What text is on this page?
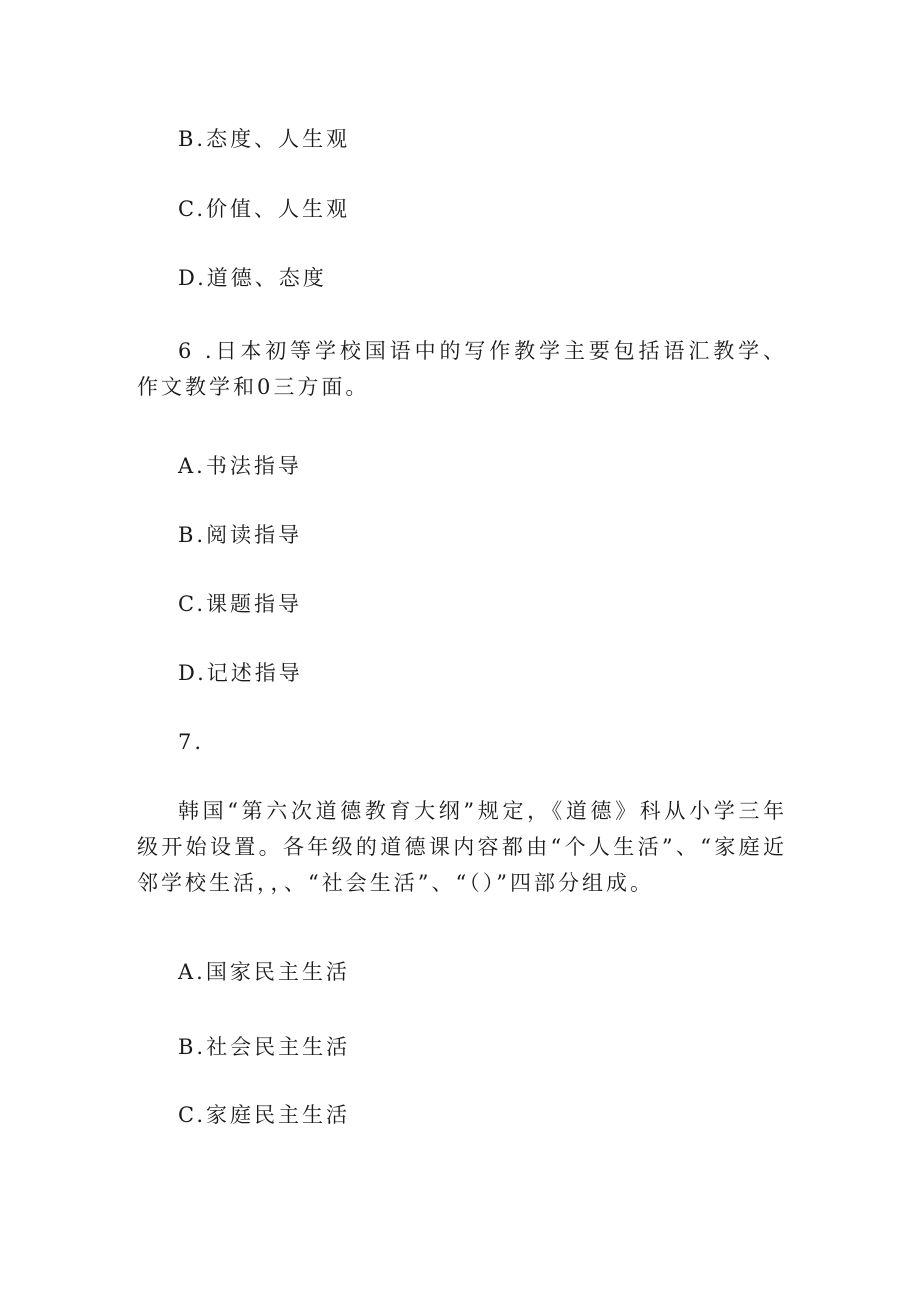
B.态度、人生观
C.价值、人生观
D.道德、态度
6 .日本初等学校国语中的写作教学主要包括语汇教学、作文教学和0三方面。
A.书法指导
B.阅读指导
C.课题指导
D.记述指导
7.
韩国“第六次道德教育大纲”规定，《道德》科从小学三年级开始设置。各年级的道德课内容都由“个人生活”、“家庭近邻学校生活，，、“社会生活”、“（）”四部分组成。
A.国家民主生活
B.社会民主生活
C.家庭民主生活
